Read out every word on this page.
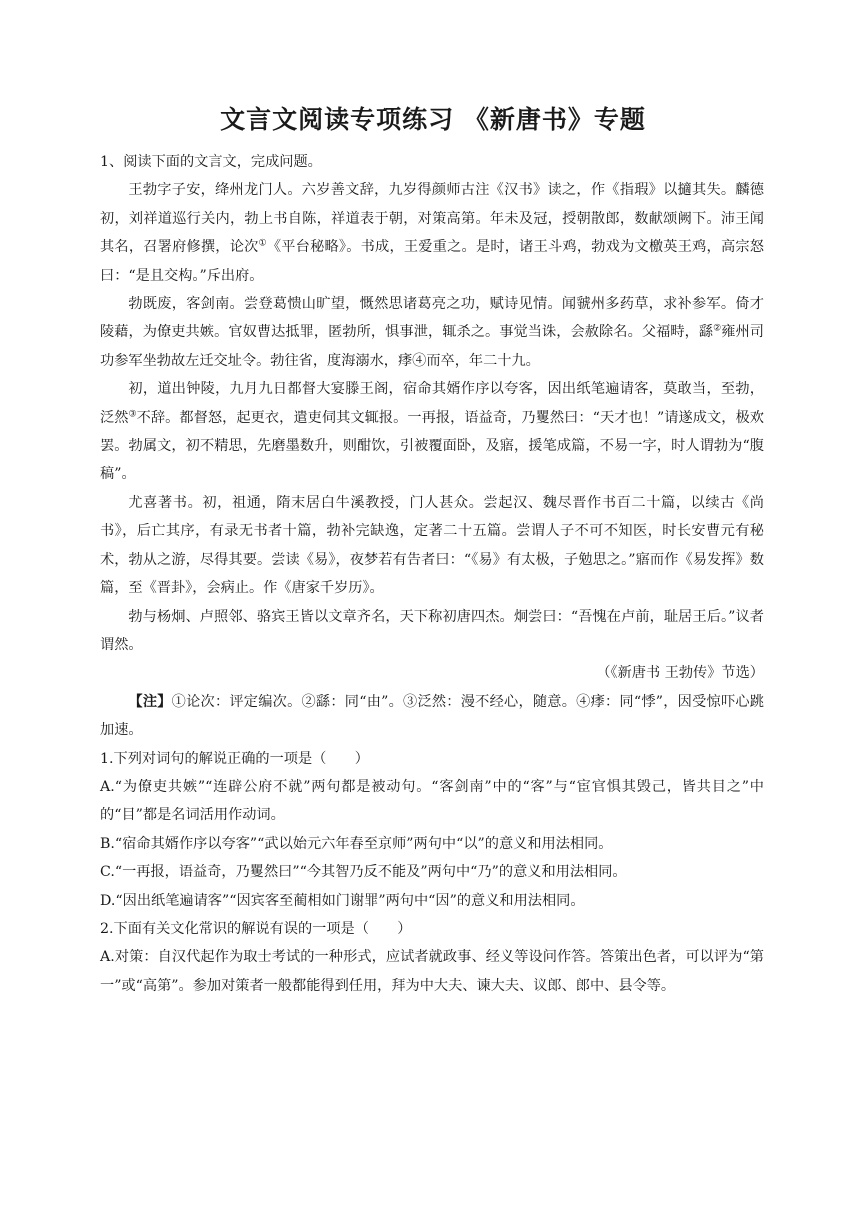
文言文阅读专项练习 《新唐书》专题

1、阅读下面的文言文，完成问题。

王勃字子安，绛州龙门人。六岁善文辞，九岁得颜师古注《汉书》读之，作《指瑕》以擿其失。麟德初，刘祥道巡行关内，勃上书自陈，祥道表于朝，对策高第。年未及冠，授朝散郎，数献颂阙下。沛王闻其名，召署府修撰，论次①《平台秘略》。书成，王爱重之。是时，诸王斗鸡，勃戏为文檄英王鸡，高宗怒曰：“是且交构。”斥出府。

勃既废，客剑南。尝登葛愦山旷望，慨然思诸葛亮之功，赋诗见情。闻虢州多药草，求补参军。倚才陵藉，为僚吏共嫉。官奴曹达抵罪，匿勃所，惧事泄，辄杀之。事觉当诛，会赦除名。父福畤，繇②雍州司功参军坐勃故左迁交址令。勃往省，度海溺水，痵④而卒，年二十九。

初，道出钟陵，九月九日都督大宴滕王阁，宿命其婿作序以夸客，因出纸笔遍请客，莫敢当，至勃，泛然③不辞。都督怒，起更衣，遣吏伺其文辄报。一再报，语益奇，乃矍然曰：“天才也！”请遂成文，极欢罢。勃属文，初不精思，先磨墨数升，则酣饮，引被覆面卧，及寤，援笔成篇，不易一字，时人谓勃为“腹稿”。

尤喜著书。初，祖通，隋末居白牛溪教授，门人甚众。尝起汉、魏尽晋作书百二十篇，以续古《尚书》，后亡其序，有录无书者十篇，勃补完缺逸，定著二十五篇。尝谓人子不可不知医，时长安曹元有秘术，勃从之游，尽得其要。尝读《易》，夜梦若有告者曰：“《易》有太极，子勉思之。”寤而作《易发挥》数篇，至《晋卦》，会病止。作《唐家千岁历》。

勃与杨炯、卢照邻、骆宾王皆以文章齐名，天下称初唐四杰。炯尝曰：“吾愧在卢前，耻居王后。”议者谓然。

（《新唐书 王勃传》节选）

【注】①论次：评定编次。②繇：同“由”。③泛然：漫不经心，随意。④痵：同“悸”，因受惊吓心跳加速。

1.下列对词句的解说正确的一项是（　　）

A.“为僚吏共嫉”“连辟公府不就”两句都是被动句。“客剑南”中的“客”与“宦官惧其毁己，皆共目之”中的“目”都是名词活用作动词。

B.“宿命其婿作序以夸客”“武以始元六年春至京师”两句中“以”的意义和用法相同。

C.“一再报，语益奇，乃矍然曰”“今其智乃反不能及”两句中“乃”的意义和用法相同。

D.“因出纸笔遍请客”“因宾客至蔺相如门谢罪”两句中“因”的意义和用法相同。

2.下面有关文化常识的解说有误的一项是（　　）

A.对策：自汉代起作为取士考试的一种形式，应试者就政事、经义等设问作答。答策出色者，可以评为“第一”或“高第”。参加对策者一般都能得到任用，拜为中大夫、谏大夫、议郎、郎中、县令等。
